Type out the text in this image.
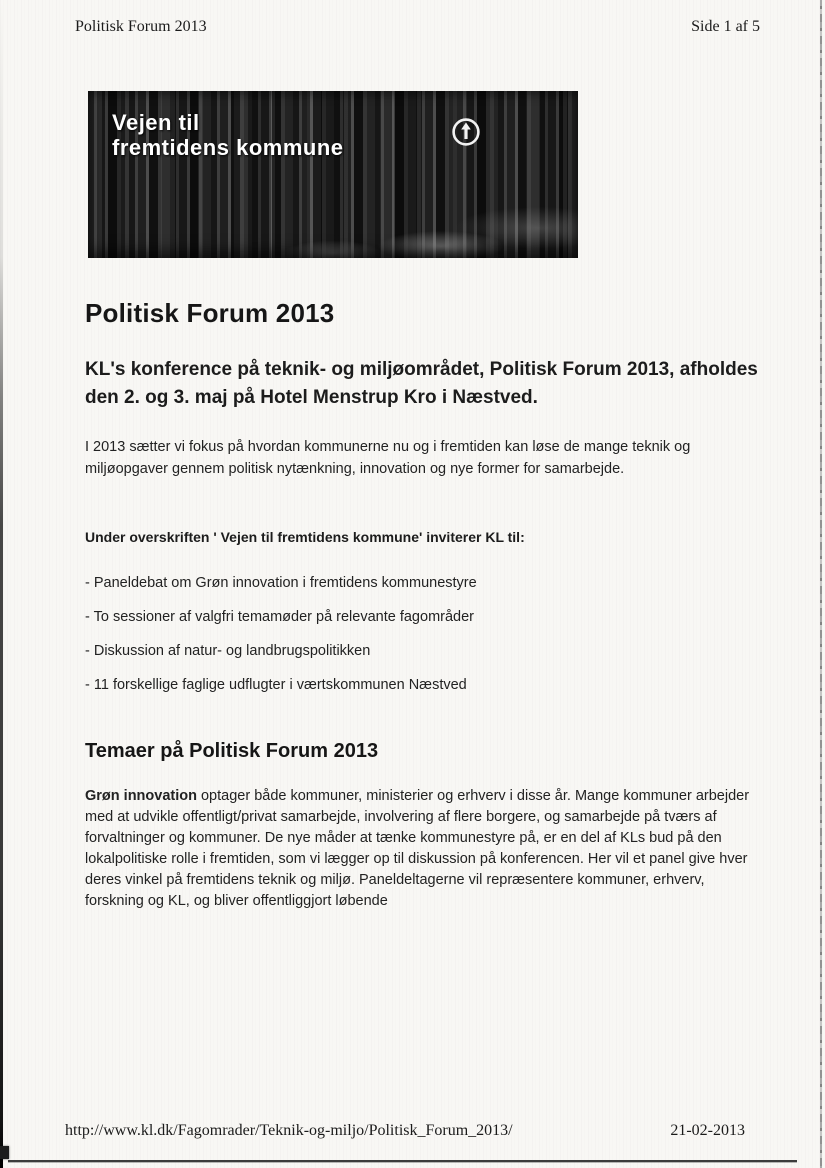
Side 1 af 5
Politisk Forum 2013
Vejen til
fremtidens kommune
Politisk Forum 2013
KL's konference på teknik- og miljøområdet, Politisk Forum 2013, afholdes den 2. og 3. maj på Hotel Menstrup Kro i Næstved.

I 2013 sætter vi fokus på hvordan kommunerne nu og i fremtiden kan løse de mange teknik og miljøopgaver gennem politisk nytænkning, innovation og nye former for samarbejde.

Under overskriften ' Vejen til fremtidens kommune' inviterer KL til:

- Paneldebat om Grøn innovation i fremtidens kommunestyre
- To sessioner af valgfri temamøder på relevante fagområder
- Diskussion af natur- og landbrugspolitikken
- 11 forskellige faglige udflugter i værtskommunen Næstved
Temaer på Politisk Forum 2013

Grøn innovation optager både kommuner, ministerier og erhverv i disse år. Mange kommuner arbejder med at udvikle offentligt/privat samarbejde, involvering af flere borgere, og samarbejde på tværs af forvaltninger og kommuner. De nye måder at tænke kommunestyre på, er en del af KLs bud på den lokalpolitiske rolle i fremtiden, som vi lægger op til diskussion på konferencen. Her vil et panel give hver deres vinkel på fremtidens teknik og miljø. Paneldeltagerne vil repræsentere kommuner, erhverv, forskning og KL, og bliver offentliggjort løbende

21-02-2013
http://www.kl.dk/Fagomrader/Teknik-og-miljo/Politisk_Forum_2013/
